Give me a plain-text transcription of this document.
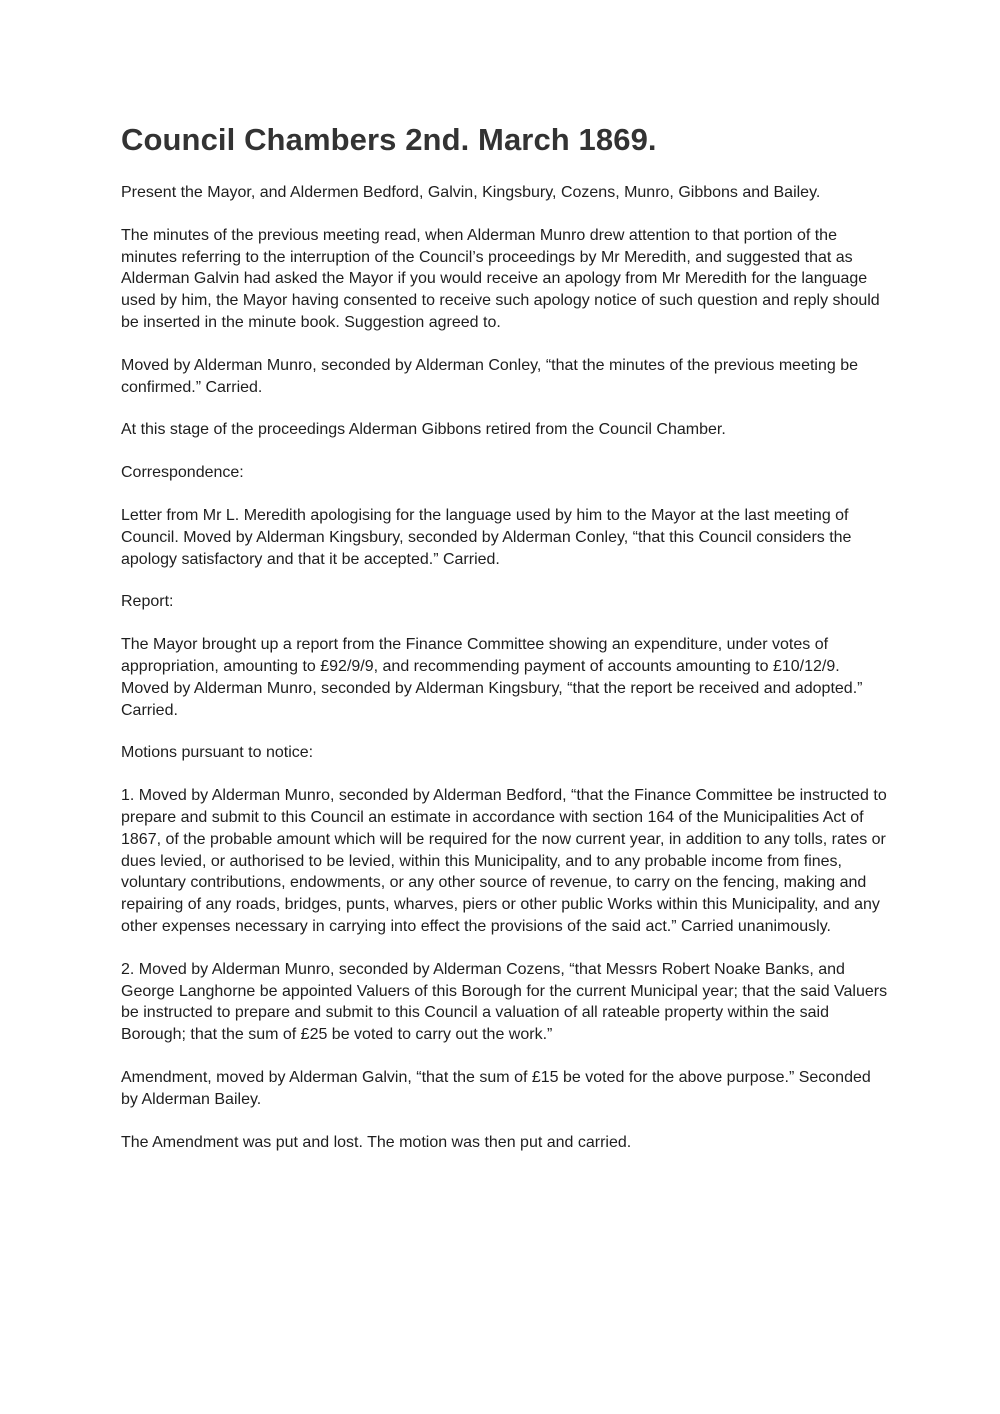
Council Chambers 2nd. March 1869.

Present the Mayor, and Aldermen Bedford, Galvin, Kingsbury, Cozens, Munro, Gibbons and Bailey.

The minutes of the previous meeting read, when Alderman Munro drew attention to that portion of the minutes referring to the interruption of the Council’s proceedings by Mr Meredith, and suggested that as Alderman Galvin had asked the Mayor if you would receive an apology from Mr Meredith for the language used by him, the Mayor having consented to receive such apology notice of such question and reply should be inserted in the minute book. Suggestion agreed to.

Moved by Alderman Munro, seconded by Alderman Conley, “that the minutes of the previous meeting be confirmed.” Carried.

At this stage of the proceedings Alderman Gibbons retired from the Council Chamber.

Correspondence:

Letter from Mr L. Meredith apologising for the language used by him to the Mayor at the last meeting of Council. Moved by Alderman Kingsbury, seconded by Alderman Conley, “that this Council considers the apology satisfactory and that it be accepted.” Carried.

Report:

The Mayor brought up a report from the Finance Committee showing an expenditure, under votes of appropriation, amounting to £92/9/9, and recommending payment of accounts amounting to £10/12/9. Moved by Alderman Munro, seconded by Alderman Kingsbury, “that the report be received and adopted.” Carried.

Motions pursuant to notice:

1. Moved by Alderman Munro, seconded by Alderman Bedford, “that the Finance Committee be instructed to prepare and submit to this Council an estimate in accordance with section 164 of the Municipalities Act of 1867, of the probable amount which will be required for the now current year, in addition to any tolls, rates or dues levied, or authorised to be levied, within this Municipality, and to any probable income from fines, voluntary contributions, endowments, or any other source of revenue, to carry on the fencing, making and repairing of any roads, bridges, punts, wharves, piers or other public Works within this Municipality, and any other expenses necessary in carrying into effect the provisions of the said act.” Carried unanimously.

2. Moved by Alderman Munro, seconded by Alderman Cozens, “that Messrs Robert Noake Banks, and George Langhorne be appointed Valuers of this Borough for the current Municipal year; that the said Valuers be instructed to prepare and submit to this Council a valuation of all rateable property within the said Borough; that the sum of £25 be voted to carry out the work.”

Amendment, moved by Alderman Galvin, “that the sum of £15 be voted for the above purpose.” Seconded by Alderman Bailey.

The Amendment was put and lost. The motion was then put and carried.
